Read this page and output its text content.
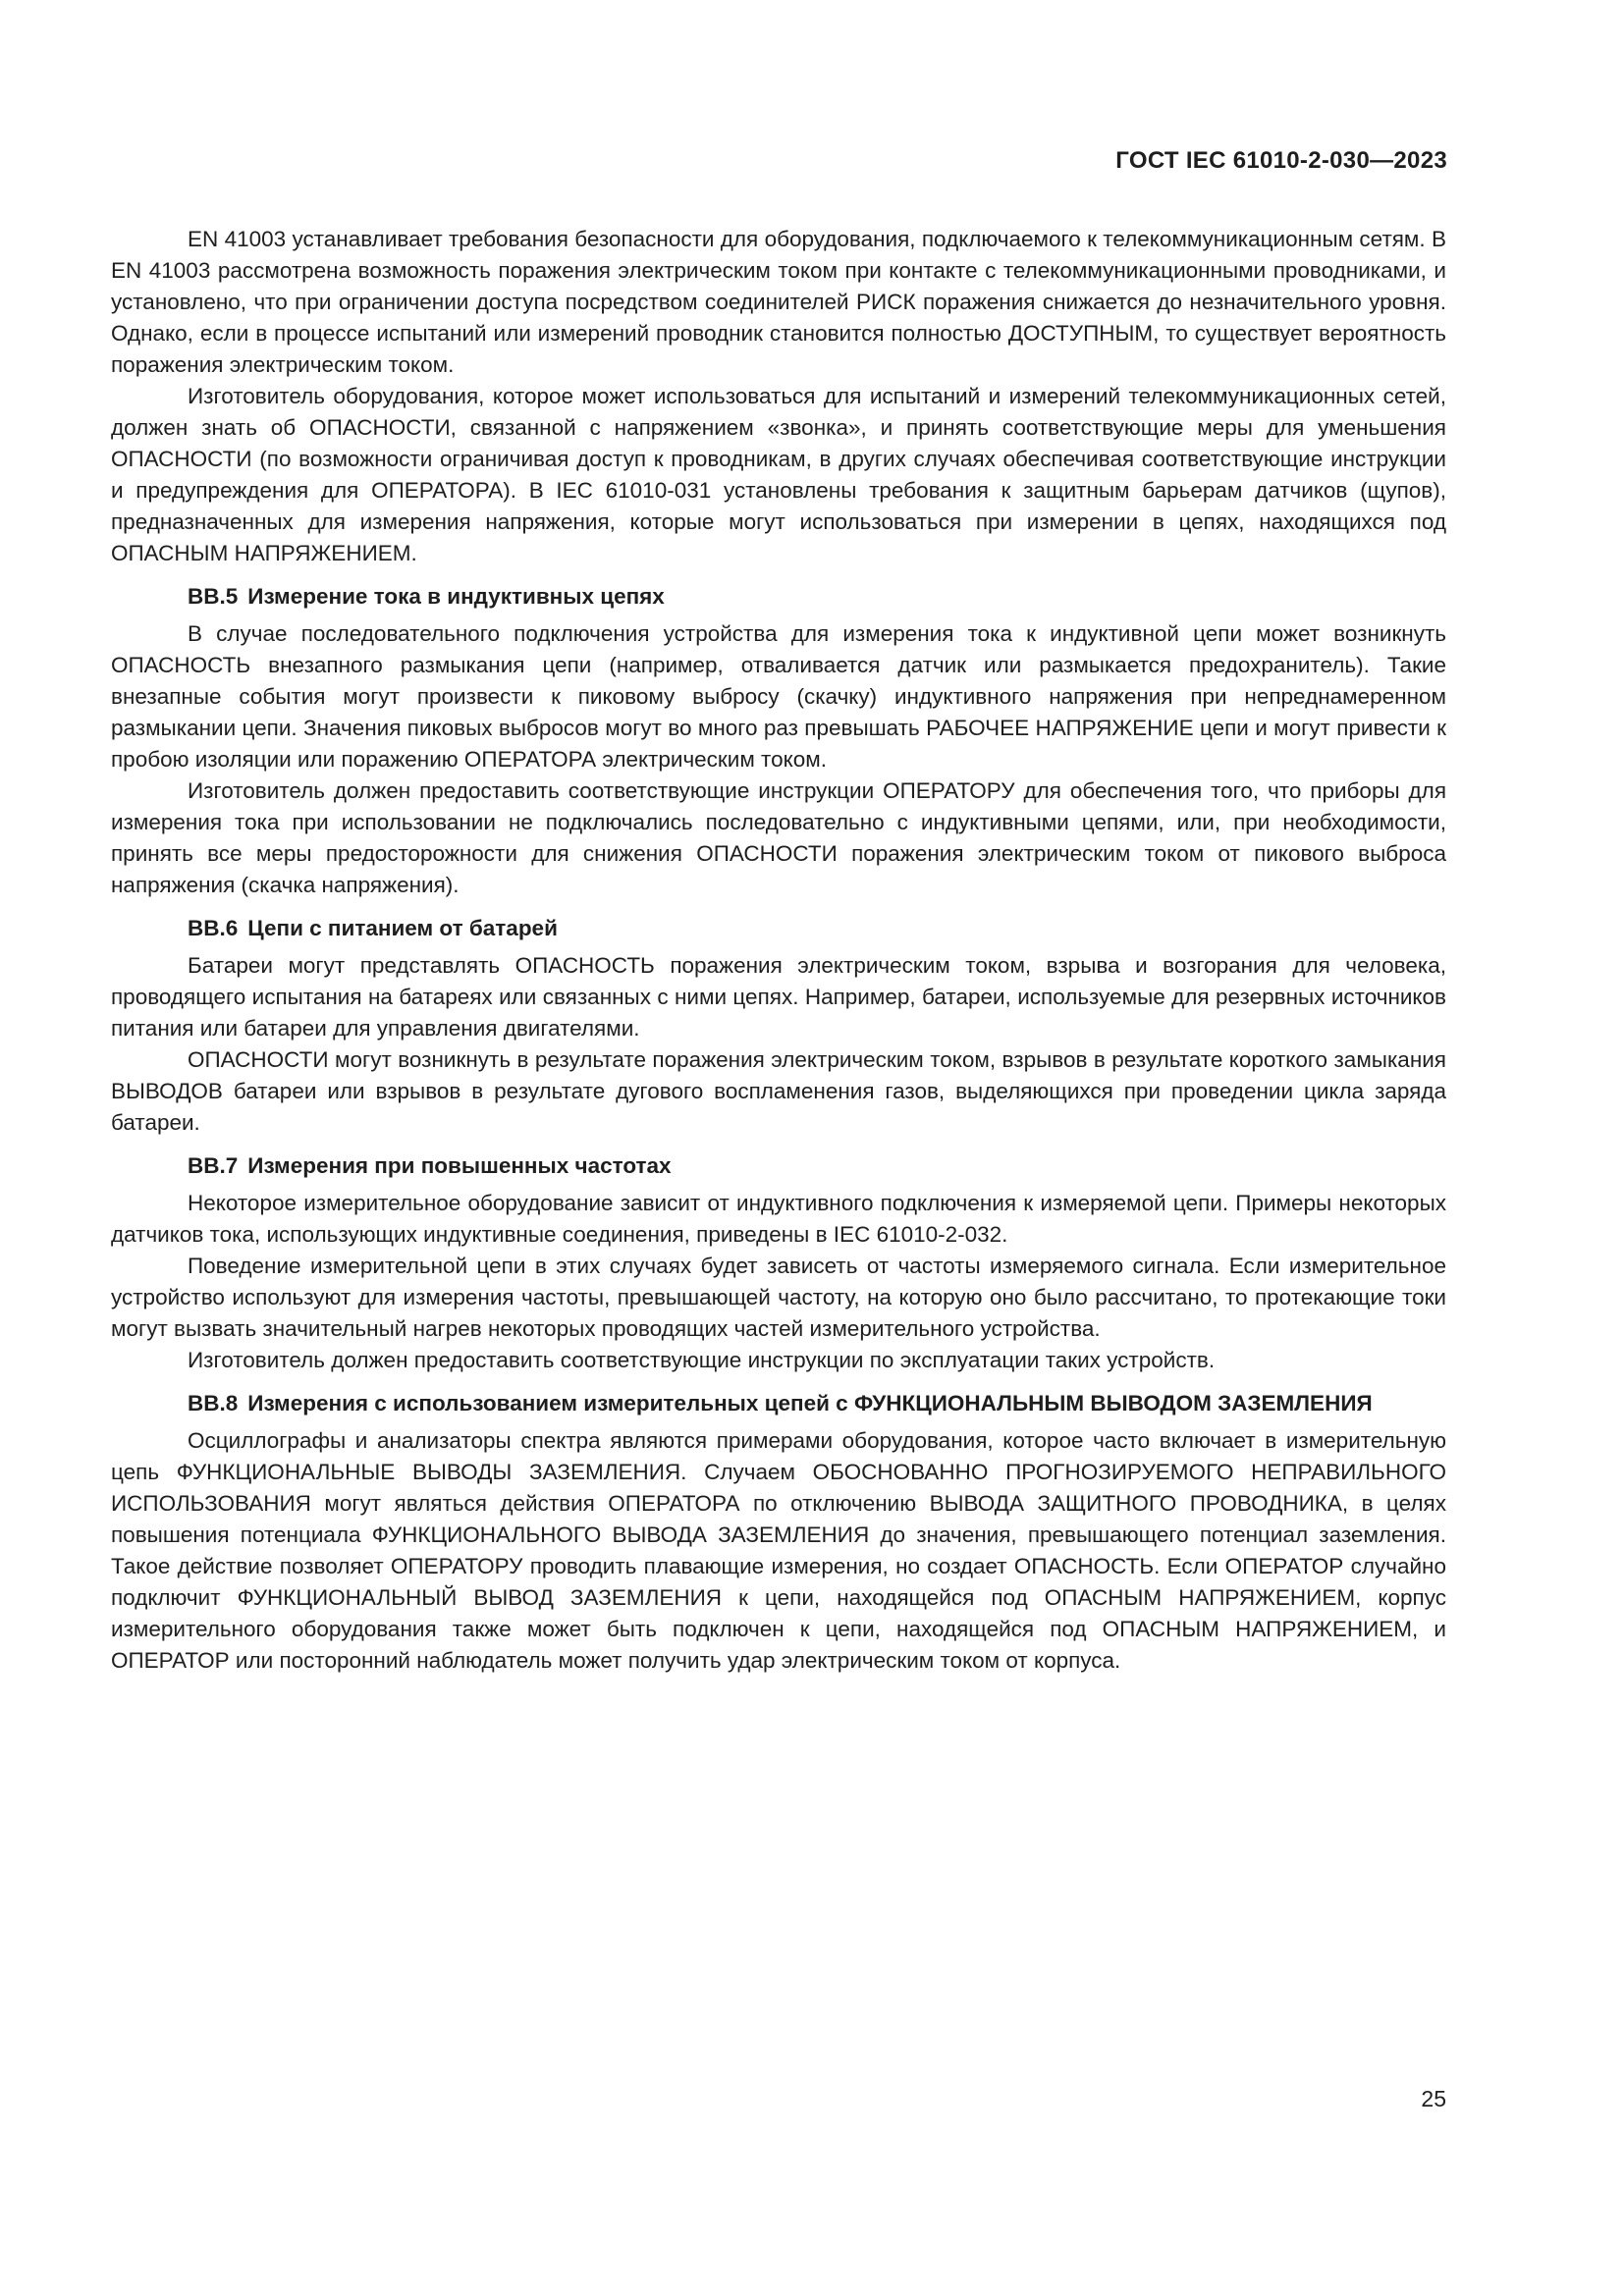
ГОСТ IEC 61010-2-030—2023

EN 41003 устанавливает требования безопасности для оборудования, подключаемого к телекоммуникационным сетям. В EN 41003 рассмотрена возможность поражения электрическим током при контакте с телекоммуникационными проводниками, и установлено, что при ограничении доступа посредством соединителей РИСК поражения снижается до незначительного уровня. Однако, если в процессе испытаний или измерений проводник становится полностью ДОСТУПНЫМ, то существует вероятность поражения электрическим током.

Изготовитель оборудования, которое может использоваться для испытаний и измерений телекоммуникационных сетей, должен знать об ОПАСНОСТИ, связанной с напряжением «звонка», и принять соответствующие меры для уменьшения ОПАСНОСТИ (по возможности ограничивая доступ к проводникам, в других случаях обеспечивая соответствующие инструкции и предупреждения для ОПЕРАТОРА). В IEC 61010-031 установлены требования к защитным барьерам датчиков (щупов), предназначенных для измерения напряжения, которые могут использоваться при измерении в цепях, находящихся под ОПАСНЫМ НАПРЯЖЕНИЕМ.

ВВ.5 Измерение тока в индуктивных цепях

В случае последовательного подключения устройства для измерения тока к индуктивной цепи может возникнуть ОПАСНОСТЬ внезапного размыкания цепи (например, отваливается датчик или размыкается предохранитель). Такие внезапные события могут произвести к пиковому выбросу (скачку) индуктивного напряжения при непреднамеренном размыкании цепи. Значения пиковых выбросов могут во много раз превышать РАБОЧЕЕ НАПРЯЖЕНИЕ цепи и могут привести к пробою изоляции или поражению ОПЕРАТОРА электрическим током.

Изготовитель должен предоставить соответствующие инструкции ОПЕРАТОРУ для обеспечения того, что приборы для измерения тока при использовании не подключались последовательно с индуктивными цепями, или, при необходимости, принять все меры предосторожности для снижения ОПАСНОСТИ поражения электрическим током от пикового выброса напряжения (скачка напряжения).

ВВ.6 Цепи с питанием от батарей

Батареи могут представлять ОПАСНОСТЬ поражения электрическим током, взрыва и возгорания для человека, проводящего испытания на батареях или связанных с ними цепях. Например, батареи, используемые для резервных источников питания или батареи для управления двигателями.

ОПАСНОСТИ могут возникнуть в результате поражения электрическим током, взрывов в результате короткого замыкания ВЫВОДОВ батареи или взрывов в результате дугового воспламенения газов, выделяющихся при проведении цикла заряда батареи.

ВВ.7 Измерения при повышенных частотах

Некоторое измерительное оборудование зависит от индуктивного подключения к измеряемой цепи. Примеры некоторых датчиков тока, использующих индуктивные соединения, приведены в IEC 61010-2-032.

Поведение измерительной цепи в этих случаях будет зависеть от частоты измеряемого сигнала. Если измерительное устройство используют для измерения частоты, превышающей частоту, на которую оно было рассчитано, то протекающие токи могут вызвать значительный нагрев некоторых проводящих частей измерительного устройства.

Изготовитель должен предоставить соответствующие инструкции по эксплуатации таких устройств.

ВВ.8 Измерения с использованием измерительных цепей с ФУНКЦИОНАЛЬНЫМ ВЫВОДОМ ЗАЗЕМЛЕНИЯ

Осциллографы и анализаторы спектра являются примерами оборудования, которое часто включает в измерительную цепь ФУНКЦИОНАЛЬНЫЕ ВЫВОДЫ ЗАЗЕМЛЕНИЯ. Случаем ОБОСНОВАННО ПРОГНОЗИРУЕМОГО НЕПРАВИЛЬНОГО ИСПОЛЬЗОВАНИЯ могут являться действия ОПЕРАТОРА по отключению ВЫВОДА ЗАЩИТНОГО ПРОВОДНИКА, в целях повышения потенциала ФУНКЦИОНАЛЬНОГО ВЫВОДА ЗАЗЕМЛЕНИЯ до значения, превышающего потенциал заземления. Такое действие позволяет ОПЕРАТОРУ проводить плавающие измерения, но создает ОПАСНОСТЬ. Если ОПЕРАТОР случайно подключит ФУНКЦИОНАЛЬНЫЙ ВЫВОД ЗАЗЕМЛЕНИЯ к цепи, находящейся под ОПАСНЫМ НАПРЯЖЕНИЕМ, корпус измерительного оборудования также может быть подключен к цепи, находящейся под ОПАСНЫМ НАПРЯЖЕНИЕМ, и ОПЕРАТОР или посторонний наблюдатель может получить удар электрическим током от корпуса.

25
